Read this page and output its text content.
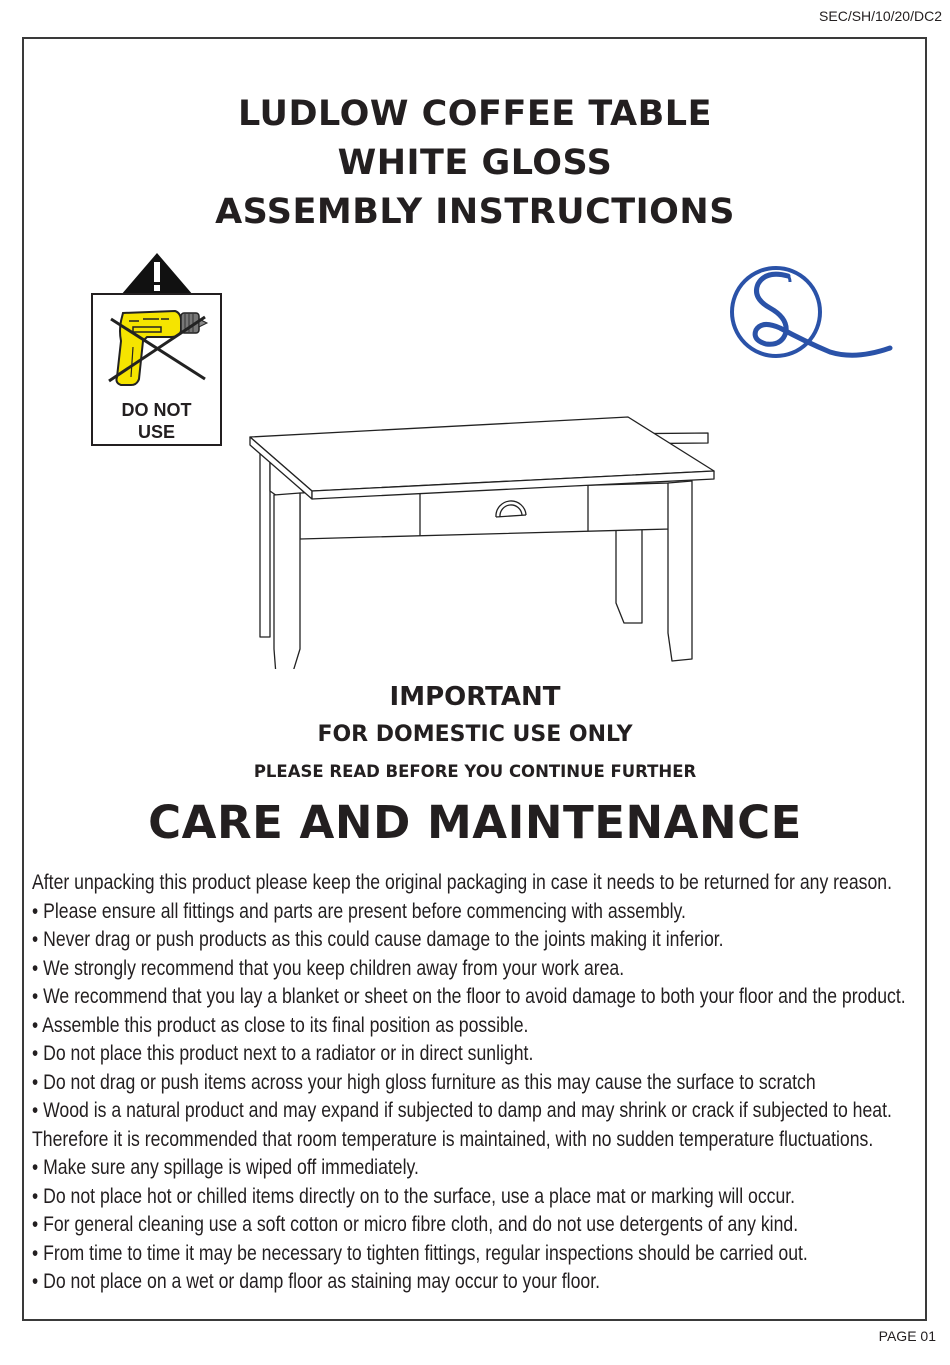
SEC/SH/10/20/DC2
LUDLOW COFFEE TABLE
WHITE GLOSS
ASSEMBLY INSTRUCTIONS
DO NOT
USE
IMPORTANT
FOR DOMESTIC USE ONLY
PLEASE READ BEFORE YOU CONTINUE FURTHER
CARE AND MAINTENANCE
After unpacking this product please keep the original packaging in case it needs to be returned for any reason.
• Please ensure all fittings and parts are present before commencing with assembly.
• Never drag or push products as this could cause damage to the joints making it inferior.
• We strongly recommend that you keep children away from your work area.
• We recommend that you lay a blanket or sheet on the floor to avoid damage to both your floor and the product.
• Assemble this product as close to its final position as possible.
• Do not place this product next to a radiator or in direct sunlight.
• Do not drag or push items across your high gloss furniture as this may cause the surface to scratch
• Wood is a natural product and may expand if subjected to damp and may shrink or crack if subjected to heat.
Therefore it is recommended that room temperature is maintained, with no sudden temperature fluctuations.
• Make sure any spillage is wiped off immediately.
• Do not place hot or chilled items directly on to the surface, use a place mat or marking will occur.
• For general cleaning use a soft cotton or micro fibre cloth, and do not use detergents of any kind.
• From time to time it may be necessary to tighten fittings, regular inspections should be carried out.
• Do not place on a wet or damp floor as staining may occur to your floor.
PAGE 01
